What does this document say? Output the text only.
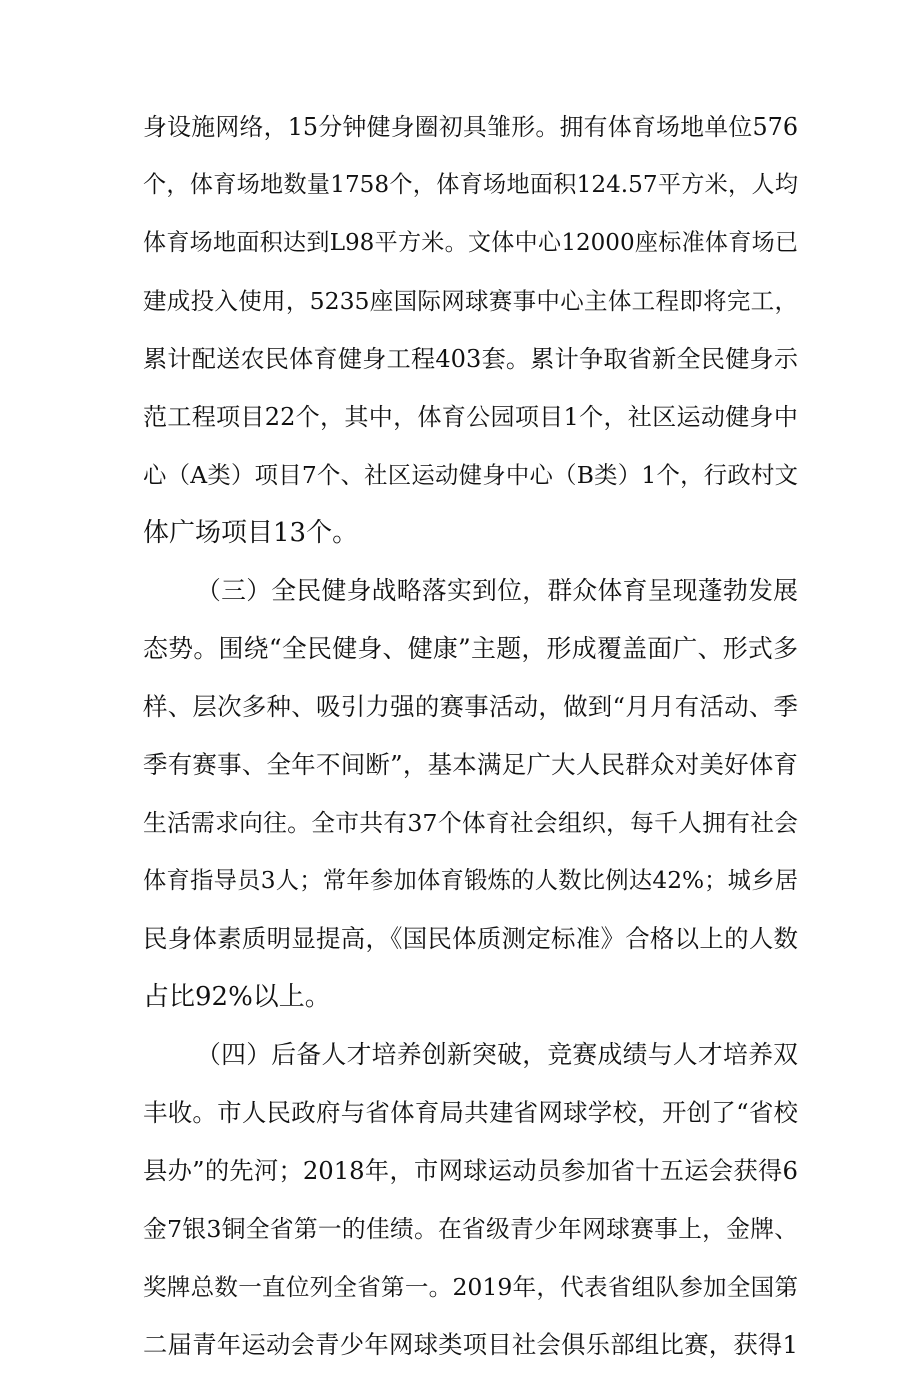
身设施网络，15分钟健身圈初具雏形。拥有体育场地单位576
个，体育场地数量1758个，体育场地面积124.57平方米，人均
体育场地面积达到L98平方米。文体中心12000座标准体育场已
建成投入使用，5235座国际网球赛事中心主体工程即将完工，
累计配送农民体育健身工程403套。累计争取省新全民健身示
范工程项目22个，其中，体育公园项目1个，社区运动健身中
心（A类）项目7个、社区运动健身中心（B类）1个，行政村文
体广场项目13个。
（三）全民健身战略落实到位，群众体育呈现蓬勃发展
态势。围绕“全民健身、健康”主题，形成覆盖面广、形式多
样、层次多种、吸引力强的赛事活动，做到“月月有活动、季
季有赛事、全年不间断”，基本满足广大人民群众对美好体育
生活需求向往。全市共有37个体育社会组织，每千人拥有社会
体育指导员3人；常年参加体育锻炼的人数比例达42%；城乡居
民身体素质明显提高，《国民体质测定标准》合格以上的人数
占比92%以上。
（四）后备人才培养创新突破，竞赛成绩与人才培养双
丰收。市人民政府与省体育局共建省网球学校，开创了“省校
县办”的先河；2018年，市网球运动员参加省十五运会获得6
金7银3铜全省第一的佳绩。在省级青少年网球赛事上，金牌、
奖牌总数一直位列全省第一。2019年，代表省组队参加全国第
二届青年运动会青少年网球类项目社会俱乐部组比赛，获得1
